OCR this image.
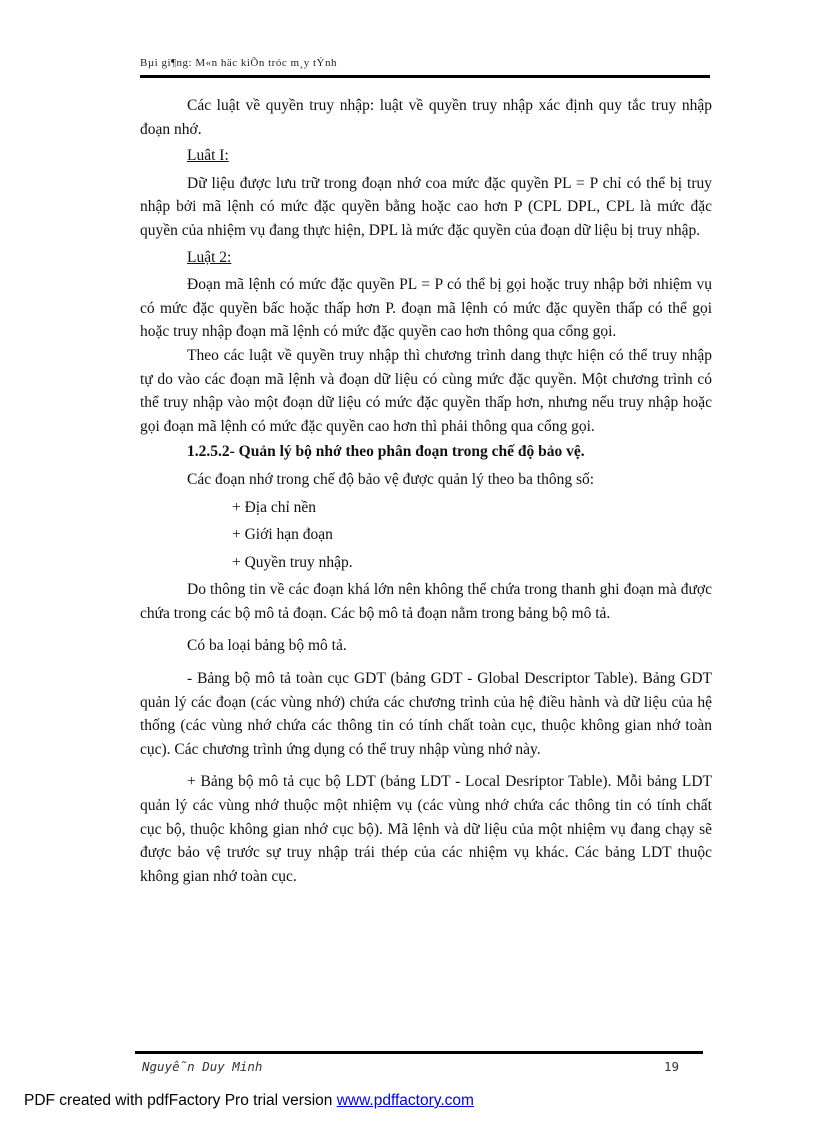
Bµi gi¶ng: M«n häc kiÕn tróc m¸y tÝnh

Các luật về quyền truy nhập: luật về quyền truy nhập xác định quy tắc truy nhập đoạn nhớ.

Luât I:

Dữ liệu được lưu trữ trong đoạn nhớ coa mức đặc quyền PL = P chỉ có thể bị truy nhập bởi mã lệnh có mức đặc quyền bằng hoặc cao hơn P (CPL DPL, CPL là mức đặc quyền của nhiệm vụ đang thực hiện, DPL là mức đặc quyền của đoạn dữ liệu bị truy nhập.

Luật 2:

Đoạn mã lệnh có mức đặc quyền PL = P có thể bị gọi hoặc truy nhập bởi nhiệm vụ có mức đặc quyền bấc hoặc thấp hơn P. đoạn mã lệnh có mức đặc quyền thấp có thể gọi hoặc truy nhập đoạn mã lệnh có mức đặc quyền cao hơn thông qua cổng gọi.

Theo các luật về quyền truy nhập thì chương trình dang thực hiện có thể truy nhập tự do vào các đoạn mã lệnh và đoạn dữ liệu có cùng mức đặc quyền. Một chương trình có thể truy nhập vào một đoạn dữ liệu có mức đặc quyền thấp hơn, nhưng nếu truy nhập hoặc gọi đoạn mã lệnh có mức đặc quyền cao hơn thì phải thông qua cổng gọi.

1.2.5.2- Quản lý bộ nhớ theo phân đoạn trong chế độ bảo vệ.

Các đoạn nhớ trong chế độ bảo vệ được quản lý theo ba thông số:

+ Địa chỉ nền

+ Giới hạn đoạn

+ Quyền truy nhập.

Do thông tin về các đoạn khá lớn nên không thể chứa trong thanh ghi đoạn mà được chứa trong các bộ mô tả đoạn. Các bộ mô tả đoạn nằm trong bảng bộ mô tả.

Có ba loại bảng bộ mô tả.

- Bảng bộ mô tả toàn cục GDT (bảng GDT - Global Descriptor Table). Bảng GDT quản lý các đoạn (các vùng nhớ) chứa các chương trình của hệ điều hành và dữ liệu của hệ thống (các vùng nhớ chứa các thông tin có tính chất toàn cục, thuộc không gian nhớ toàn cục). Các chương trình ứng dụng có thể truy nhập vùng nhớ này.

+ Bảng bộ mô tả cục bộ LDT (bảng LDT - Local Desriptor Table). Mỗi bảng LDT quản lý các vùng nhớ thuộc một nhiệm vụ (các vùng nhớ chứa các thông tin có tính chất cục bộ, thuộc không gian nhớ cục bộ). Mã lệnh và dữ liệu của một nhiệm vụ đang chạy sẽ được bảo vệ trước sự truy nhập trái thép của các nhiệm vụ khác. Các bảng LDT thuộc không gian nhớ toàn cục.

Nguyễn Duy Minh	19
PDF created with pdfFactory Pro trial version www.pdffactory.com
